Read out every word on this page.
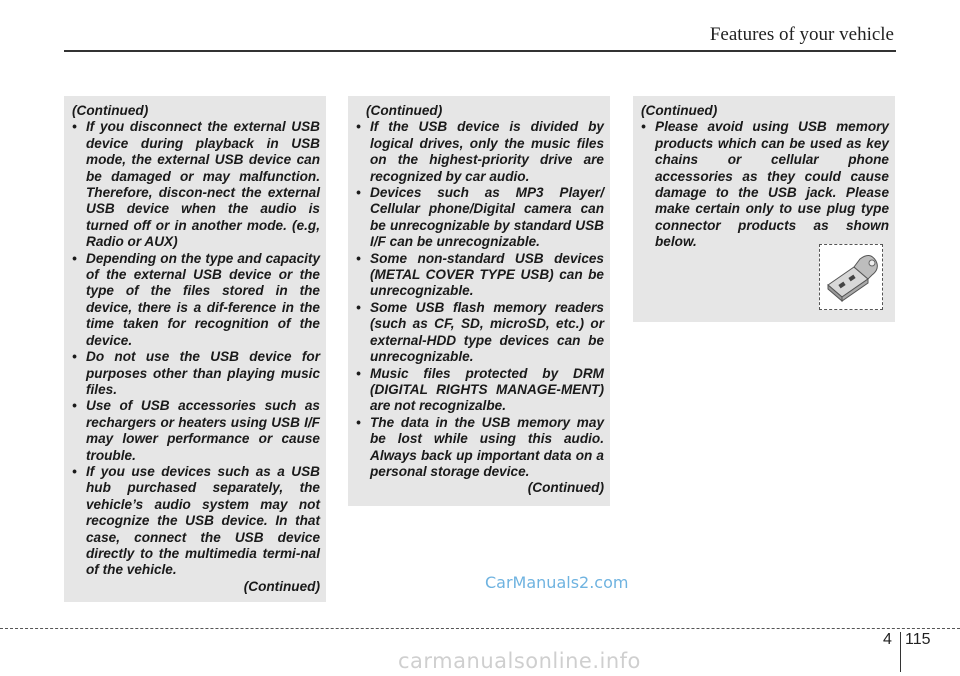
Features of your vehicle
(Continued)
• If you disconnect the external USB device during playback in USB mode, the external USB device can be damaged or may malfunction. Therefore, discon-nect the external USB device when the audio is turned off or in another mode. (e.g, Radio or AUX)
• Depending on the type and capacity of the external USB device or the type of the files stored in the device, there is a dif-ference in the time taken for recognition of the device.
• Do not use the USB device for purposes other than playing music files.
• Use of USB accessories such as rechargers or heaters using USB I/F may lower performance or cause trouble.
• If you use devices such as a USB hub purchased separately, the vehicle’s audio system may not recognize the USB device. In that case, connect the USB device directly to the multimedia termi-nal of the vehicle.
(Continued)
(Continued)
• If the USB device is divided by logical drives, only the music files on the highest-priority drive are recognized by car audio.
• Devices such as MP3 Player/ Cellular phone/Digital camera can be unrecognizable by standard USB I/F can be unrecognizable.
• Some non-standard USB devices (METAL COVER TYPE USB) can be unrecognizable.
• Some USB flash memory readers (such as CF, SD, microSD, etc.) or external-HDD type devices can be unrecognizable.
• Music files protected by DRM (DIGITAL RIGHTS MANAGE-MENT) are not recognizalbe.
• The data in the USB memory may be lost while using this audio. Always back up important data on a personal storage device.
(Continued)
(Continued)
• Please avoid using USB memory products which can be used as key chains or cellular phone accessories as they could cause damage to the USB jack. Please make certain only to use plug type connector products as shown below.
CarManuals2.com
4 115
carmanualsonline.info
